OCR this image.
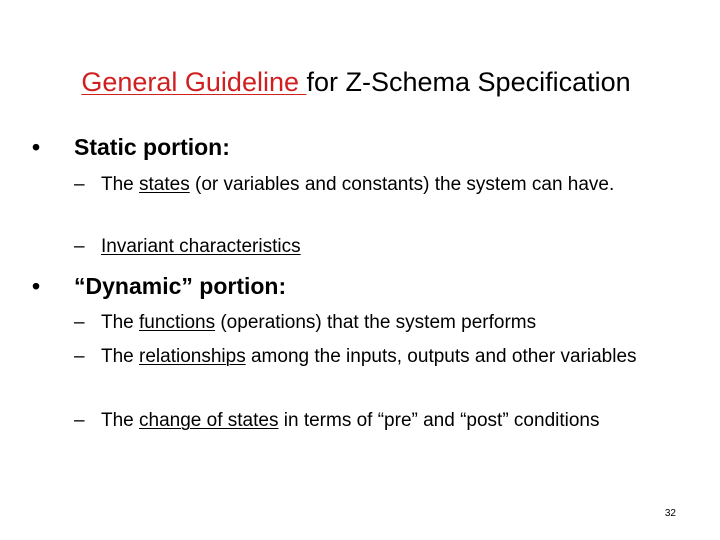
General Guideline for Z-Schema Specification
•	Static portion:
– The states (or variables and constants) the system can have.
– Invariant characteristics
•	“Dynamic” portion:
– The functions (operations) that the system performs
– The relationships among the inputs, outputs and other variables
– The change of states in terms of “pre” and “post” conditions
32
